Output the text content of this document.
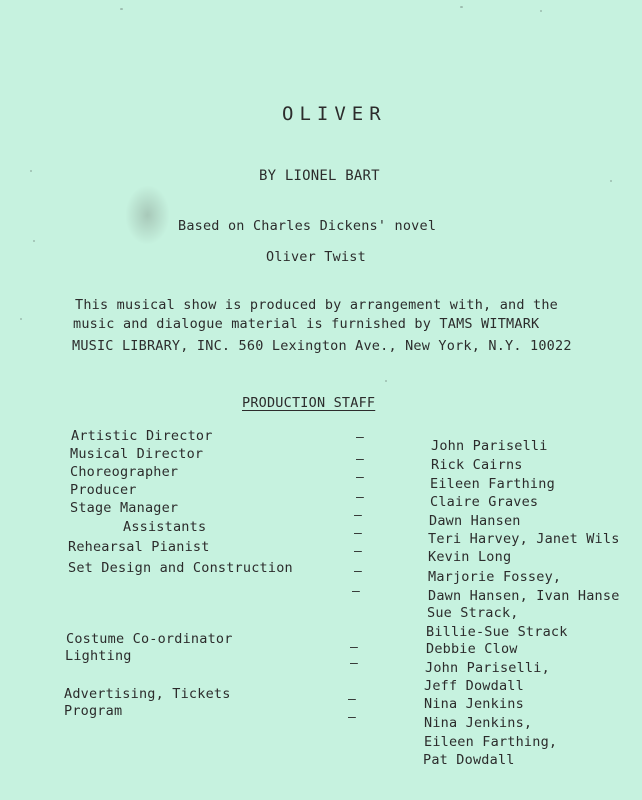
OLIVER
BY LIONEL BART
Based on Charles Dickens' novel
Oliver Twist
This musical show is produced by arrangement with, and the
music and dialogue material is furnished by TAMS WITMARK
MUSIC LIBRARY, INC. 560 Lexington Ave., New York, N.Y. 10022
PRODUCTION STAFF
Artistic Director
Musical Director
Choreographer
Producer
Stage Manager
Assistants
Rehearsal Pianist
Set Design and Construction
Costume Co-ordinator
Lighting
Advertising, Tickets
Program
–
–
–
–
–
–
–
–
–
–
–
–
–
John Pariselli
Rick Cairns
Eileen Farthing
Claire Graves
Dawn Hansen
Teri Harvey, Janet Wils
Kevin Long
Marjorie Fossey,
Dawn Hansen, Ivan Hanse
Sue Strack,
Billie-Sue Strack
Debbie Clow
John Pariselli,
Jeff Dowdall
Nina Jenkins
Nina Jenkins,
Eileen Farthing,
Pat Dowdall
